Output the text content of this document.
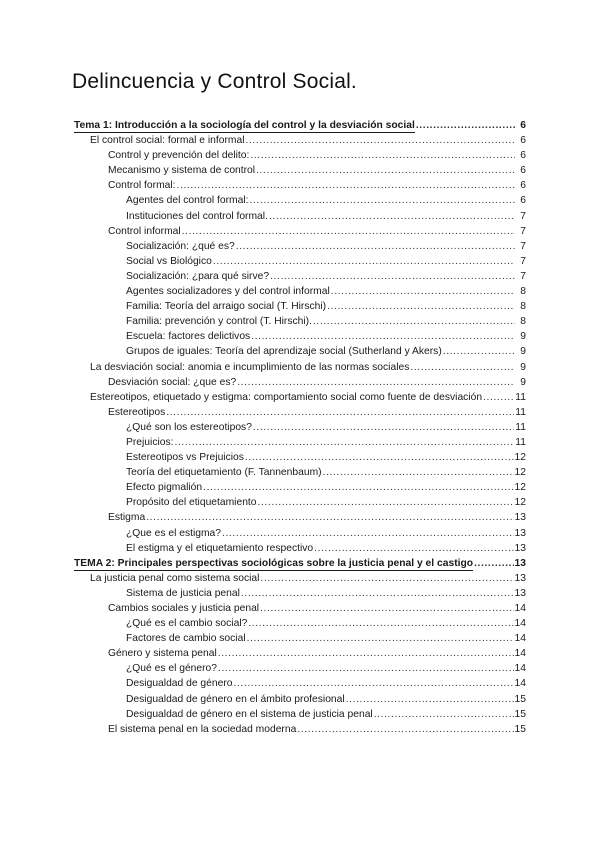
Delincuencia y Control Social.
Tema 1: Introducción a la sociología del control y la desviación social .....	6
El control social: formal e informal .....	6
Control y prevención del delito: .....	6
Mecanismo y sistema de control .....	6
Control formal: .....	6
Agentes del control formal: .....	6
Instituciones del control formal. .....	7
Control informal .....	7
Socialización: ¿qué es? .....	7
Social vs Biológico .....	7
Socialización: ¿para qué sirve? .....	7
Agentes socializadores y del control informal .....	8
Familia: Teoría del arraigo social (T. Hirschi) .....	8
Familia: prevención y control (T. Hirschi). .....	8
Escuela: factores delictivos .....	9
Grupos de iguales: Teoría del aprendizaje social (Sutherland y Akers) .....	9
La desviación social: anomia e incumplimiento de las normas sociales .....	9
Desviación social: ¿que es? .....	9
Estereotipos, etiquetado y estigma: comportamiento social como fuente de desviación .....	11
Estereotipos .....	11
¿Qué son los estereotipos? .....	11
Prejuicios: .....	11
Estereotipos vs Prejuicios .....	12
Teoría del etiquetamiento (F. Tannenbaum) .....	12
Efecto pigmalión .....	12
Propósito del etiquetamiento .....	12
Estigma .....	13
¿Que es el estigma? .....	13
El estigma y el etiquetamiento respectivo .....	13
TEMA 2: Principales perspectivas sociológicas sobre la justicia penal y el castigo .....	13
La justicia penal como sistema social .....	13
Sistema de justicia penal .....	13
Cambios sociales y justicia penal .....	14
¿Qué es el cambio social? .....	14
Factores de cambio social .....	14
Género y sistema penal .....	14
¿Qué es el género? .....	14
Desigualdad de género .....	14
Desigualdad de género en el ámbito profesional .....	15
Desigualdad de género en el sistema de justicia penal .....	15
El sistema penal en la sociedad moderna .....	15
